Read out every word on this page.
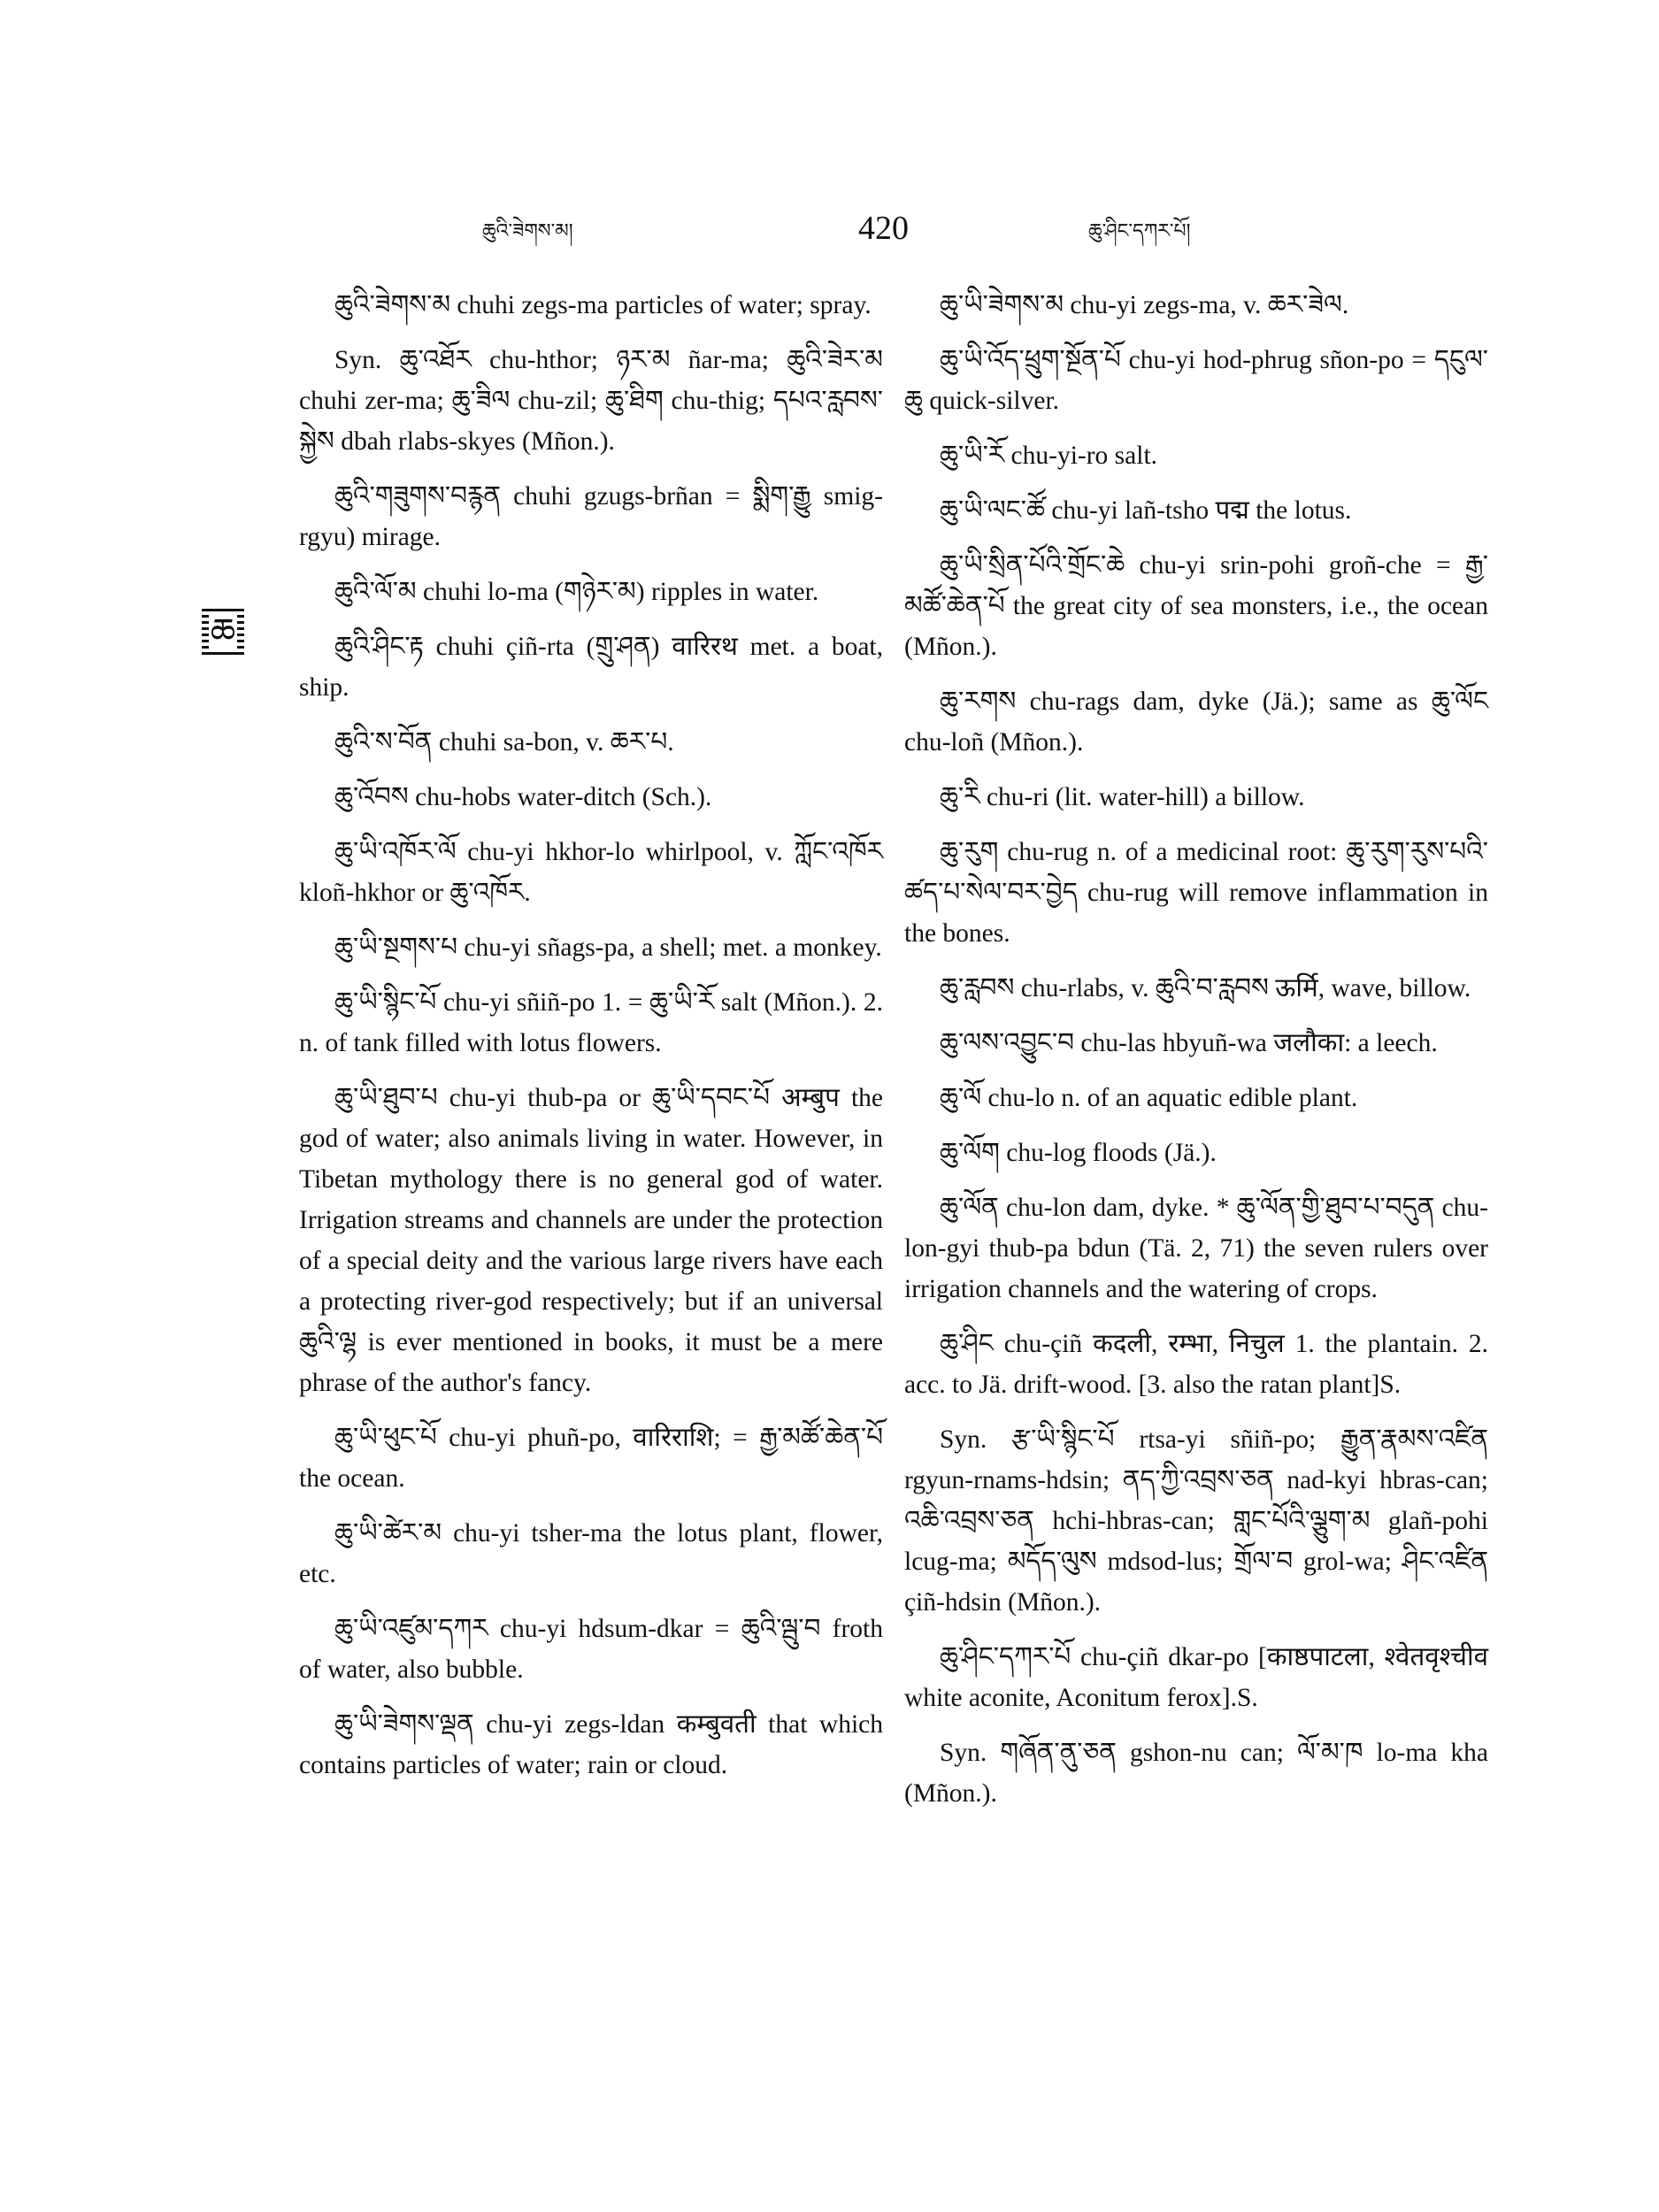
ཆུའི་ཟེགས་མ།	420	ཆུ་ཤིང་དཀར་པོ།
ཆ

ཆུའི་ཟེགས་མ chuhi zegs-ma particles of water; spray.

Syn. ཆུ་འཐོར chu-hthor; ཉར་མ ñar-ma; ཆུའི་ཟེར་མ chuhi zer-ma; ཆུ་ཟིལ chu-zil; ཆུ་ཐིག chu-thig; དཔའ་རླབས་སྐྱེས dbah rlabs-skyes (Mñon.).

ཆུའི་གཟུགས་བརྙན chuhi gzugs-brñan = སྨིག་རྒྱུ smig-rgyu) mirage.

ཆུའི་ལོ་མ chuhi lo-ma (གཉེར་མ) ripples in water.

ཆུའི་ཤིང་རྟ chuhi çiñ-rta (གྲུ་ཤན) वारिरथ met. a boat, ship.

ཆུའི་ས་བོན chuhi sa-bon, v. ཆར་པ.

ཆུ་འོབས chu-hobs water-ditch (Sch.).

ཆུ་ཡི་འཁོར་ལོ chu-yi hkhor-lo whirlpool, v. ཀློང་འཁོར kloñ-hkhor or ཆུ་འཁོར.

ཆུ་ཡི་སྔགས་པ chu-yi sñags-pa, a shell; met. a monkey.

ཆུ་ཡི་སྙིང་པོ chu-yi sñiñ-po 1. = ཆུ་ཡི་རོ salt (Mñon.). 2. n. of tank filled with lotus flowers.

ཆུ་ཡི་ཐུབ་པ chu-yi thub-pa or ཆུ་ཡི་དབང་པོ अम्बुप the god of water; also animals living in water. However, in Tibetan mythology there is no general god of water. Irrigation streams and channels are under the protection of a special deity and the various large rivers have each a protecting river-god respectively; but if an universal ཆུའི་ལྷ is ever mentioned in books, it must be a mere phrase of the author's fancy.

ཆུ་ཡི་ཕུང་པོ chu-yi phuñ-po, वारिराशि; = རྒྱ་མཚོ་ཆེན་པོ the ocean.

ཆུ་ཡི་ཚེར་མ chu-yi tsher-ma the lotus plant, flower, etc.

ཆུ་ཡི་འཛུམ་དཀར chu-yi hdsum-dkar = ཆུའི་ལྦུ་བ froth of water, also bubble.

ཆུ་ཡི་ཟེགས་ལྡན chu-yi zegs-ldan कम्बुवती that which contains particles of water; rain or cloud.

ཆུ་ཡི་ཟེགས་མ chu-yi zegs-ma, v. ཆར་ཟེལ.

ཆུ་ཡི་འོད་ཕྲུག་སྔོན་པོ chu-yi hod-phrug sñon-po = དངུལ་ཆུ quick-silver.

ཆུ་ཡི་རོ chu-yi-ro salt.

ཆུ་ཡི་ལང་ཚོ chu-yi lañ-tsho पद्म the lotus.

ཆུ་ཡི་སྲིན་པོའི་གྲོང་ཆེ chu-yi srin-pohi groñ-che = རྒྱ་མཚོ་ཆེན་པོ the great city of sea monsters, i.e., the ocean (Mñon.).

ཆུ་རགས chu-rags dam, dyke (Jä.); same as ཆུ་ལོང chu-loñ (Mñon.).

ཆུ་རི chu-ri (lit. water-hill) a billow.

ཆུ་རུག chu-rug n. of a medicinal root: ཆུ་རུག་རུས་པའི་ཚད་པ་སེལ་བར་བྱེད chu-rug will remove inflammation in the bones.

ཆུ་རླབས chu-rlabs, v. ཆུའི་བ་རླབས ऊर्मि, wave, billow.

ཆུ་ལས་འབྱུང་བ chu-las hbyuñ-wa जलौका: a leech.

ཆུ་ལོ chu-lo n. of an aquatic edible plant.

ཆུ་ལོག chu-log floods (Jä.).

ཆུ་ལོན chu-lon dam, dyke. * ཆུ་ལོན་གྱི་ཐུབ་པ་བདུན chu-lon-gyi thub-pa bdun (Tä. 2, 71) the seven rulers over irrigation channels and the watering of crops.

ཆུ་ཤིང chu-çiñ कदली, रम्भा, निचुल 1. the plantain. 2. acc. to Jä. drift-wood. [3. also the ratan plant]S.

Syn. རྩ་ཡི་སྙིང་པོ rtsa-yi sñiñ-po; རྒྱུན་རྣམས་འཛིན rgyun-rnams-hdsin; ནད་ཀྱི་འབྲས་ཅན nad-kyi hbras-can; འཆི་འབྲས་ཅན hchi-hbras-can; གླང་པོའི་ལྕུག་མ glañ-pohi lcug-ma; མདོད་ལུས mdsod-lus; གྲོལ་བ grol-wa; ཤིང་འཛིན çiñ-hdsin (Mñon.).

ཆུ་ཤིང་དཀར་པོ chu-çiñ dkar-po [काष्ठपाटला, श्वेतवृश्चीव white aconite, Aconitum ferox].S.

Syn. གཞོན་ནུ་ཅན gshon-nu can; ལོ་མ་ཁ lo-ma kha (Mñon.).
